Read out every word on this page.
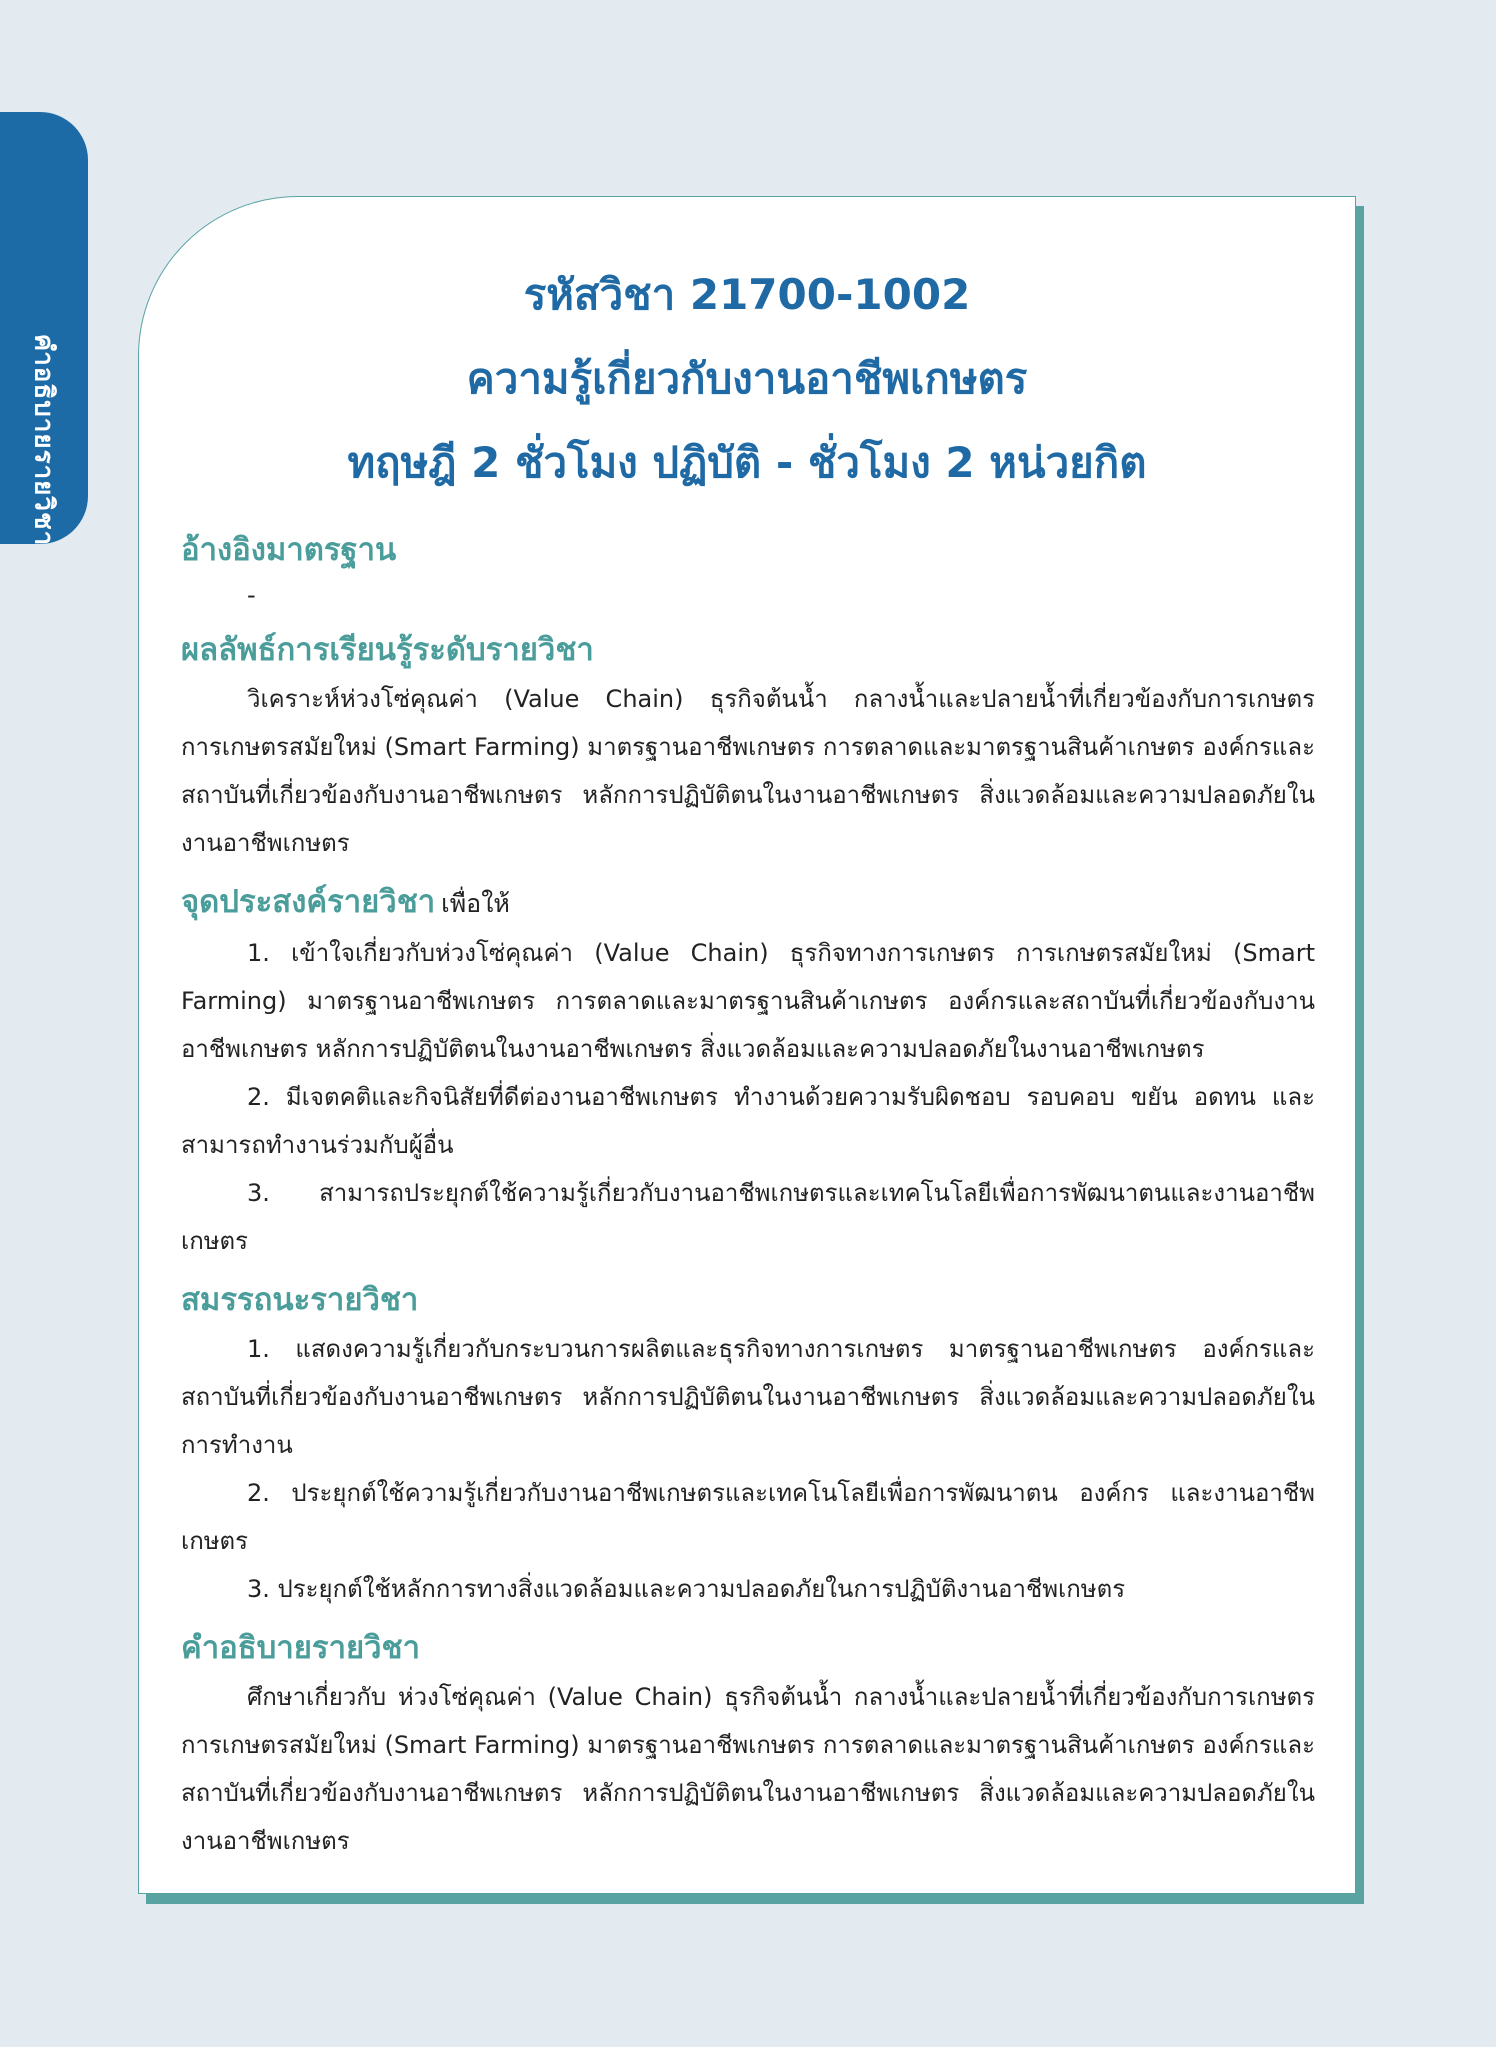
คำอธิบายรายวิชา
รหัสวิชา 21700-1002
ความรู้เกี่ยวกับงานอาชีพเกษตร
ทฤษฎี 2 ชั่วโมง ปฏิบัติ - ชั่วโมง 2 หน่วยกิต
อ้างอิงมาตรฐาน
-
ผลลัพธ์การเรียนรู้ระดับรายวิชา
วิเคราะห์ห่วงโซ่คุณค่า (Value Chain) ธุรกิจต้นน้ำ กลางน้ำและปลายน้ำที่เกี่ยวข้องกับการเกษตร การเกษตรสมัยใหม่ (Smart Farming) มาตรฐานอาชีพเกษตร การตลาดและมาตรฐานสินค้าเกษตร องค์กรและสถาบันที่เกี่ยวข้องกับงานอาชีพเกษตร หลักการปฏิบัติตนในงานอาชีพเกษตร สิ่งแวดล้อมและความปลอดภัยในงานอาชีพเกษตร
จุดประสงค์รายวิชา เพื่อให้
1. เข้าใจเกี่ยวกับห่วงโซ่คุณค่า (Value Chain) ธุรกิจทางการเกษตร การเกษตรสมัยใหม่ (Smart Farming) มาตรฐานอาชีพเกษตร การตลาดและมาตรฐานสินค้าเกษตร องค์กรและสถาบันที่เกี่ยวข้องกับงานอาชีพเกษตร หลักการปฏิบัติตนในงานอาชีพเกษตร สิ่งแวดล้อมและความปลอดภัยในงานอาชีพเกษตร
2. มีเจตคติและกิจนิสัยที่ดีต่องานอาชีพเกษตร ทำงานด้วยความรับผิดชอบ รอบคอบ ขยัน อดทน และสามารถทำงานร่วมกับผู้อื่น
3. สามารถประยุกต์ใช้ความรู้เกี่ยวกับงานอาชีพเกษตรและเทคโนโลยีเพื่อการพัฒนาตนและงานอาชีพเกษตร
สมรรถนะรายวิชา
1. แสดงความรู้เกี่ยวกับกระบวนการผลิตและธุรกิจทางการเกษตร มาตรฐานอาชีพเกษตร องค์กรและสถาบันที่เกี่ยวข้องกับงานอาชีพเกษตร หลักการปฏิบัติตนในงานอาชีพเกษตร สิ่งแวดล้อมและความปลอดภัยในการทำงาน
2. ประยุกต์ใช้ความรู้เกี่ยวกับงานอาชีพเกษตรและเทคโนโลยีเพื่อการพัฒนาตน องค์กร และงานอาชีพเกษตร
3. ประยุกต์ใช้หลักการทางสิ่งแวดล้อมและความปลอดภัยในการปฏิบัติงานอาชีพเกษตร
คำอธิบายรายวิชา
ศึกษาเกี่ยวกับ ห่วงโซ่คุณค่า (Value Chain) ธุรกิจต้นน้ำ กลางน้ำและปลายน้ำที่เกี่ยวข้องกับการเกษตร การเกษตรสมัยใหม่ (Smart Farming) มาตรฐานอาชีพเกษตร การตลาดและมาตรฐานสินค้าเกษตร องค์กรและสถาบันที่เกี่ยวข้องกับงานอาชีพเกษตร หลักการปฏิบัติตนในงานอาชีพเกษตร สิ่งแวดล้อมและความปลอดภัยในงานอาชีพเกษตร
